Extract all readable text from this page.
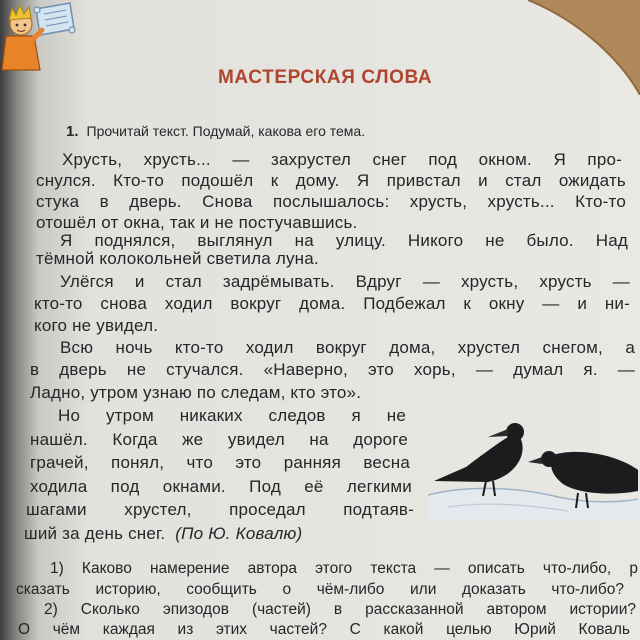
МАСТЕРСКАЯ СЛОВА
1. Прочитай текст. Подумай, какова его тема.
Хрусть, хрусть... — захрустел снег под окном. Я про-
снулся. Кто-то подошёл к дому. Я привстал и стал ожидать
стука в дверь. Снова послышалось: хрусть, хрусть... Кто-то
отошёл от окна, так и не постучавшись.
Я поднялся, выглянул на улицу. Никого не было. Над
тёмной колокольней светила луна.
Улёгся и стал задрёмывать. Вдруг — хрусть, хрусть —
кто-то снова ходил вокруг дома. Подбежал к окну — и ни-
кого не увидел.
Всю ночь кто-то ходил вокруг дома, хрустел снегом, а
в дверь не стучался. «Наверно, это хорь, — думал я. —
Ладно, утром узнаю по следам, кто это».
Но утром никаких следов я не
нашёл. Когда же увидел на дороге
грачей, понял, что это ранняя весна
ходила под окнами. Под её легкими
шагами хрустел, проседал подтаяв-
ший за день снег. (По Ю. Ковалю)
1) Каково намерение автора этого текста — описать что-либо, р
сказать историю, сообщить о чём-либо или доказать что-либо?
2) Сколько эпизодов (частей) в рассказанной автором истории?
О чём каждая из этих частей? С какой целью Юрий Коваль
